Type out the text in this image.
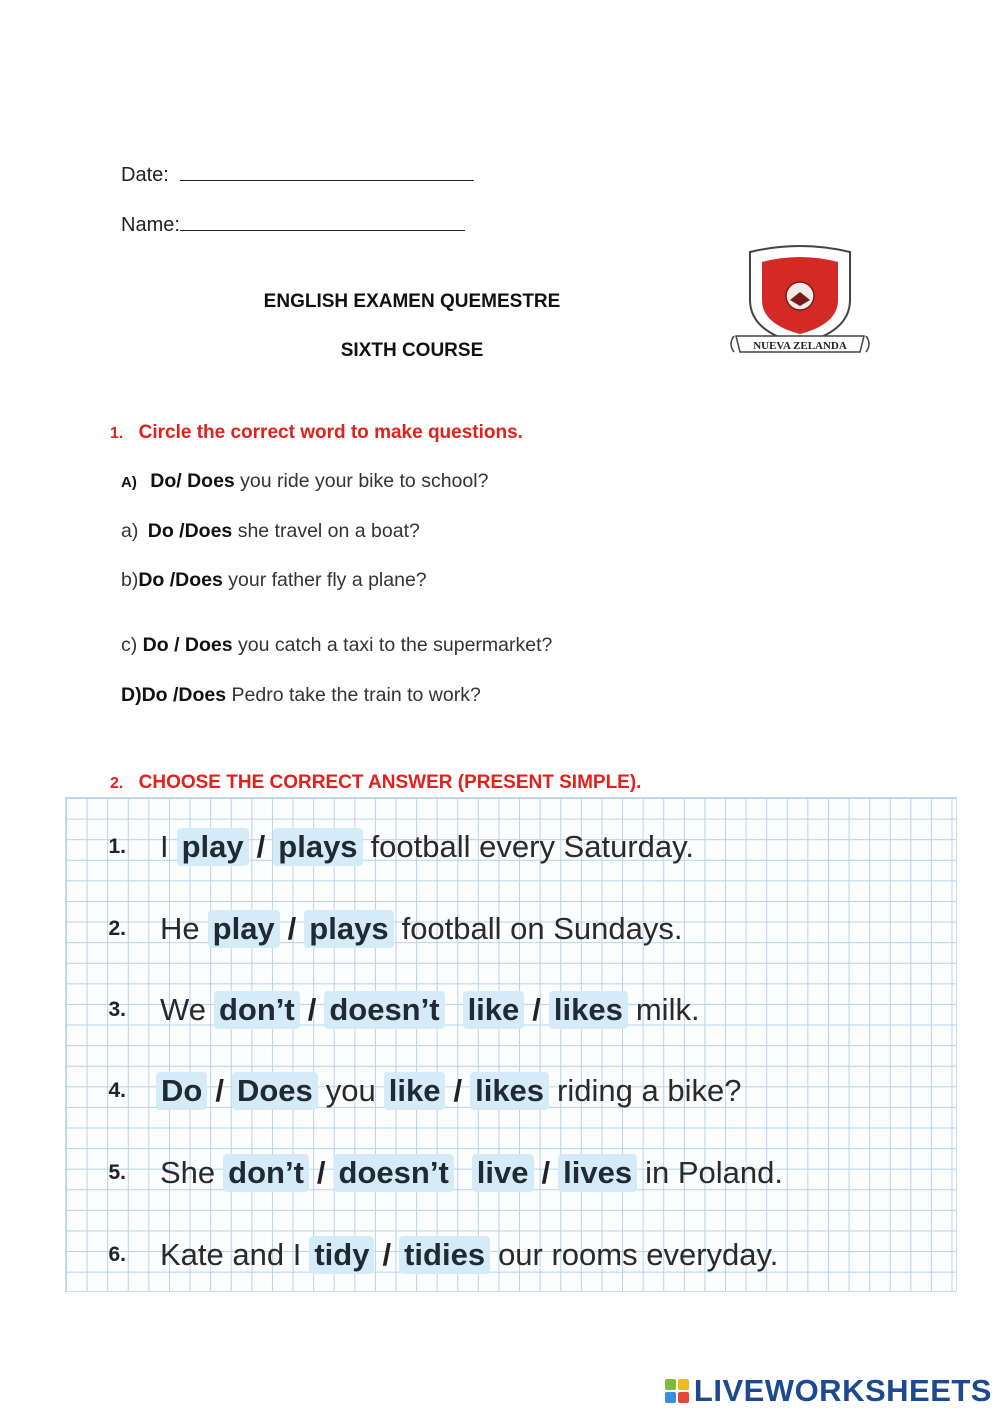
Date:
Name:
ENGLISH EXAMEN QUEMESTRE
SIXTH COURSE	NUEVA ZELANDA
1. Circle the correct word to make questions.
A) Do/ Does you ride your bike to school?
a) Do /Does she travel on a boat?
b)Do /Does your father fly a plane?
c) Do / Does you catch a taxi to the supermarket?
D)Do /Does Pedro take the train to work?
2. CHOOSE THE CORRECT ANSWER (PRESENT SIMPLE).
1.	I play / plays football every Saturday.
2.	He play / plays football on Sundays.
3.	We don’t / doesn’t like / likes milk.
4.	Do / Does you like / likes riding a bike?
5.	She don’t / doesn’t live / lives in Poland.
6.	Kate and I tidy / tidies our rooms everyday.
LIVEWORKSHEETS
